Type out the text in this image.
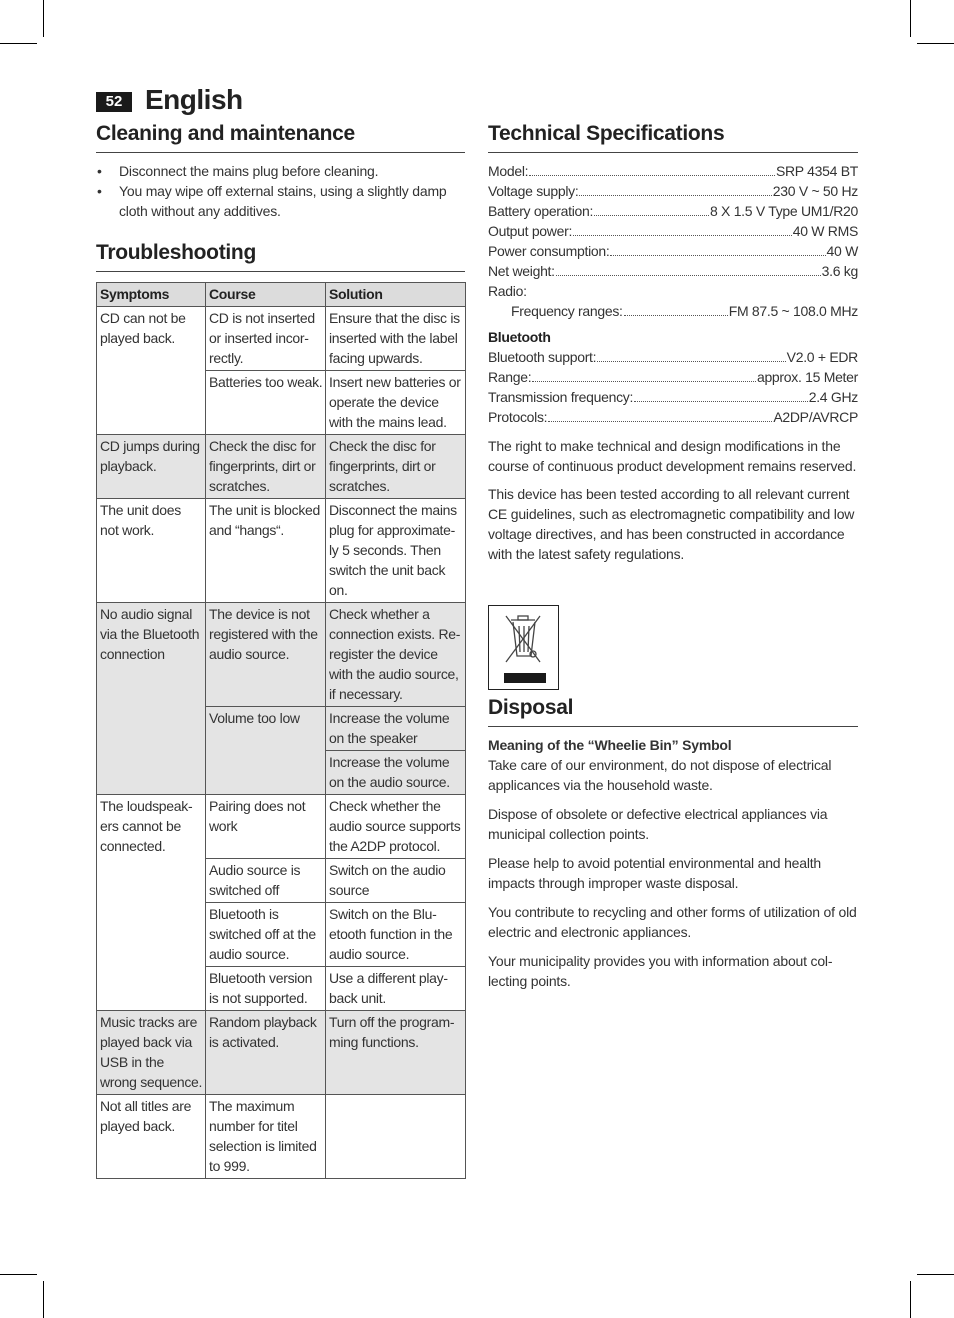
52 English
Cleaning and maintenance
• Disconnect the mains plug before cleaning.
• You may wipe off external stains, using a slightly damp cloth without any additives.
Troubleshooting
Symptoms	Course	Solution
CD can not be played back.	CD is not inserted or inserted incor-rectly.	Ensure that the disc is inserted with the label facing upwards.
	Batteries too weak.	Insert new batteries or operate the device with the mains lead.
CD jumps during playback.	Check the disc for fingerprints, dirt or scratches.	Check the disc for fingerprints, dirt or scratches.
The unit does not work.	The unit is blocked and “hangs“.	Disconnect the mains plug for approximate-ly 5 seconds. Then switch the unit back on.
No audio signal via the Bluetooth connection	The device is not registered with the audio source.	Check whether a connection exists. Re-register the device with the audio source, if necessary.
	Volume too low	Increase the volume on the speaker
		Increase the volume on the audio source.
The loudspeak-ers cannot be connected.	Pairing does not work	Check whether the audio source supports the A2DP protocol.
	Audio source is switched off	Switch on the audio source
	Bluetooth is switched off at the audio source.	Switch on the Blu-etooth function in the audio source.
	Bluetooth version is not supported.	Use a different play-back unit.
Music tracks are played back via USB in the wrong sequence.	Random playback is activated.	Turn off the program-ming functions.
Not all titles are played back.	The maximum number for titel selection is limited to 999.	
Technical Specifications
Model:	SRP 4354 BT
Voltage supply:	230 V ~ 50 Hz
Battery operation:	8 X 1.5 V Type UM1/R20
Output power:	40 W RMS
Power consumption:	40 W
Net weight:	3.6 kg
Radio:
Frequency ranges:	FM 87.5 ~ 108.0 MHz
Bluetooth
Bluetooth support:	V2.0 + EDR
Range:	approx. 15 Meter
Transmission frequency:	2.4 GHz
Protocols:	A2DP/AVRCP

The right to make technical and design modifications in the course of continuous product development remains reserved.

This device has been tested according to all relevant current CE guidelines, such as electromagnetic compatibility and low voltage directives, and has been constructed in accordance with the latest safety regulations.

Disposal
Meaning of the “Wheelie Bin” Symbol

Take care of our environment, do not dispose of electrical applicances via the household waste.

Dispose of obsolete or defective electrical appliances via municipal collection points.

Please help to avoid potential environmental and health impacts through improper waste disposal.

You contribute to recycling and other forms of utilization of old electric and electronic appliances.

Your municipality provides you with information about col-lecting points.
